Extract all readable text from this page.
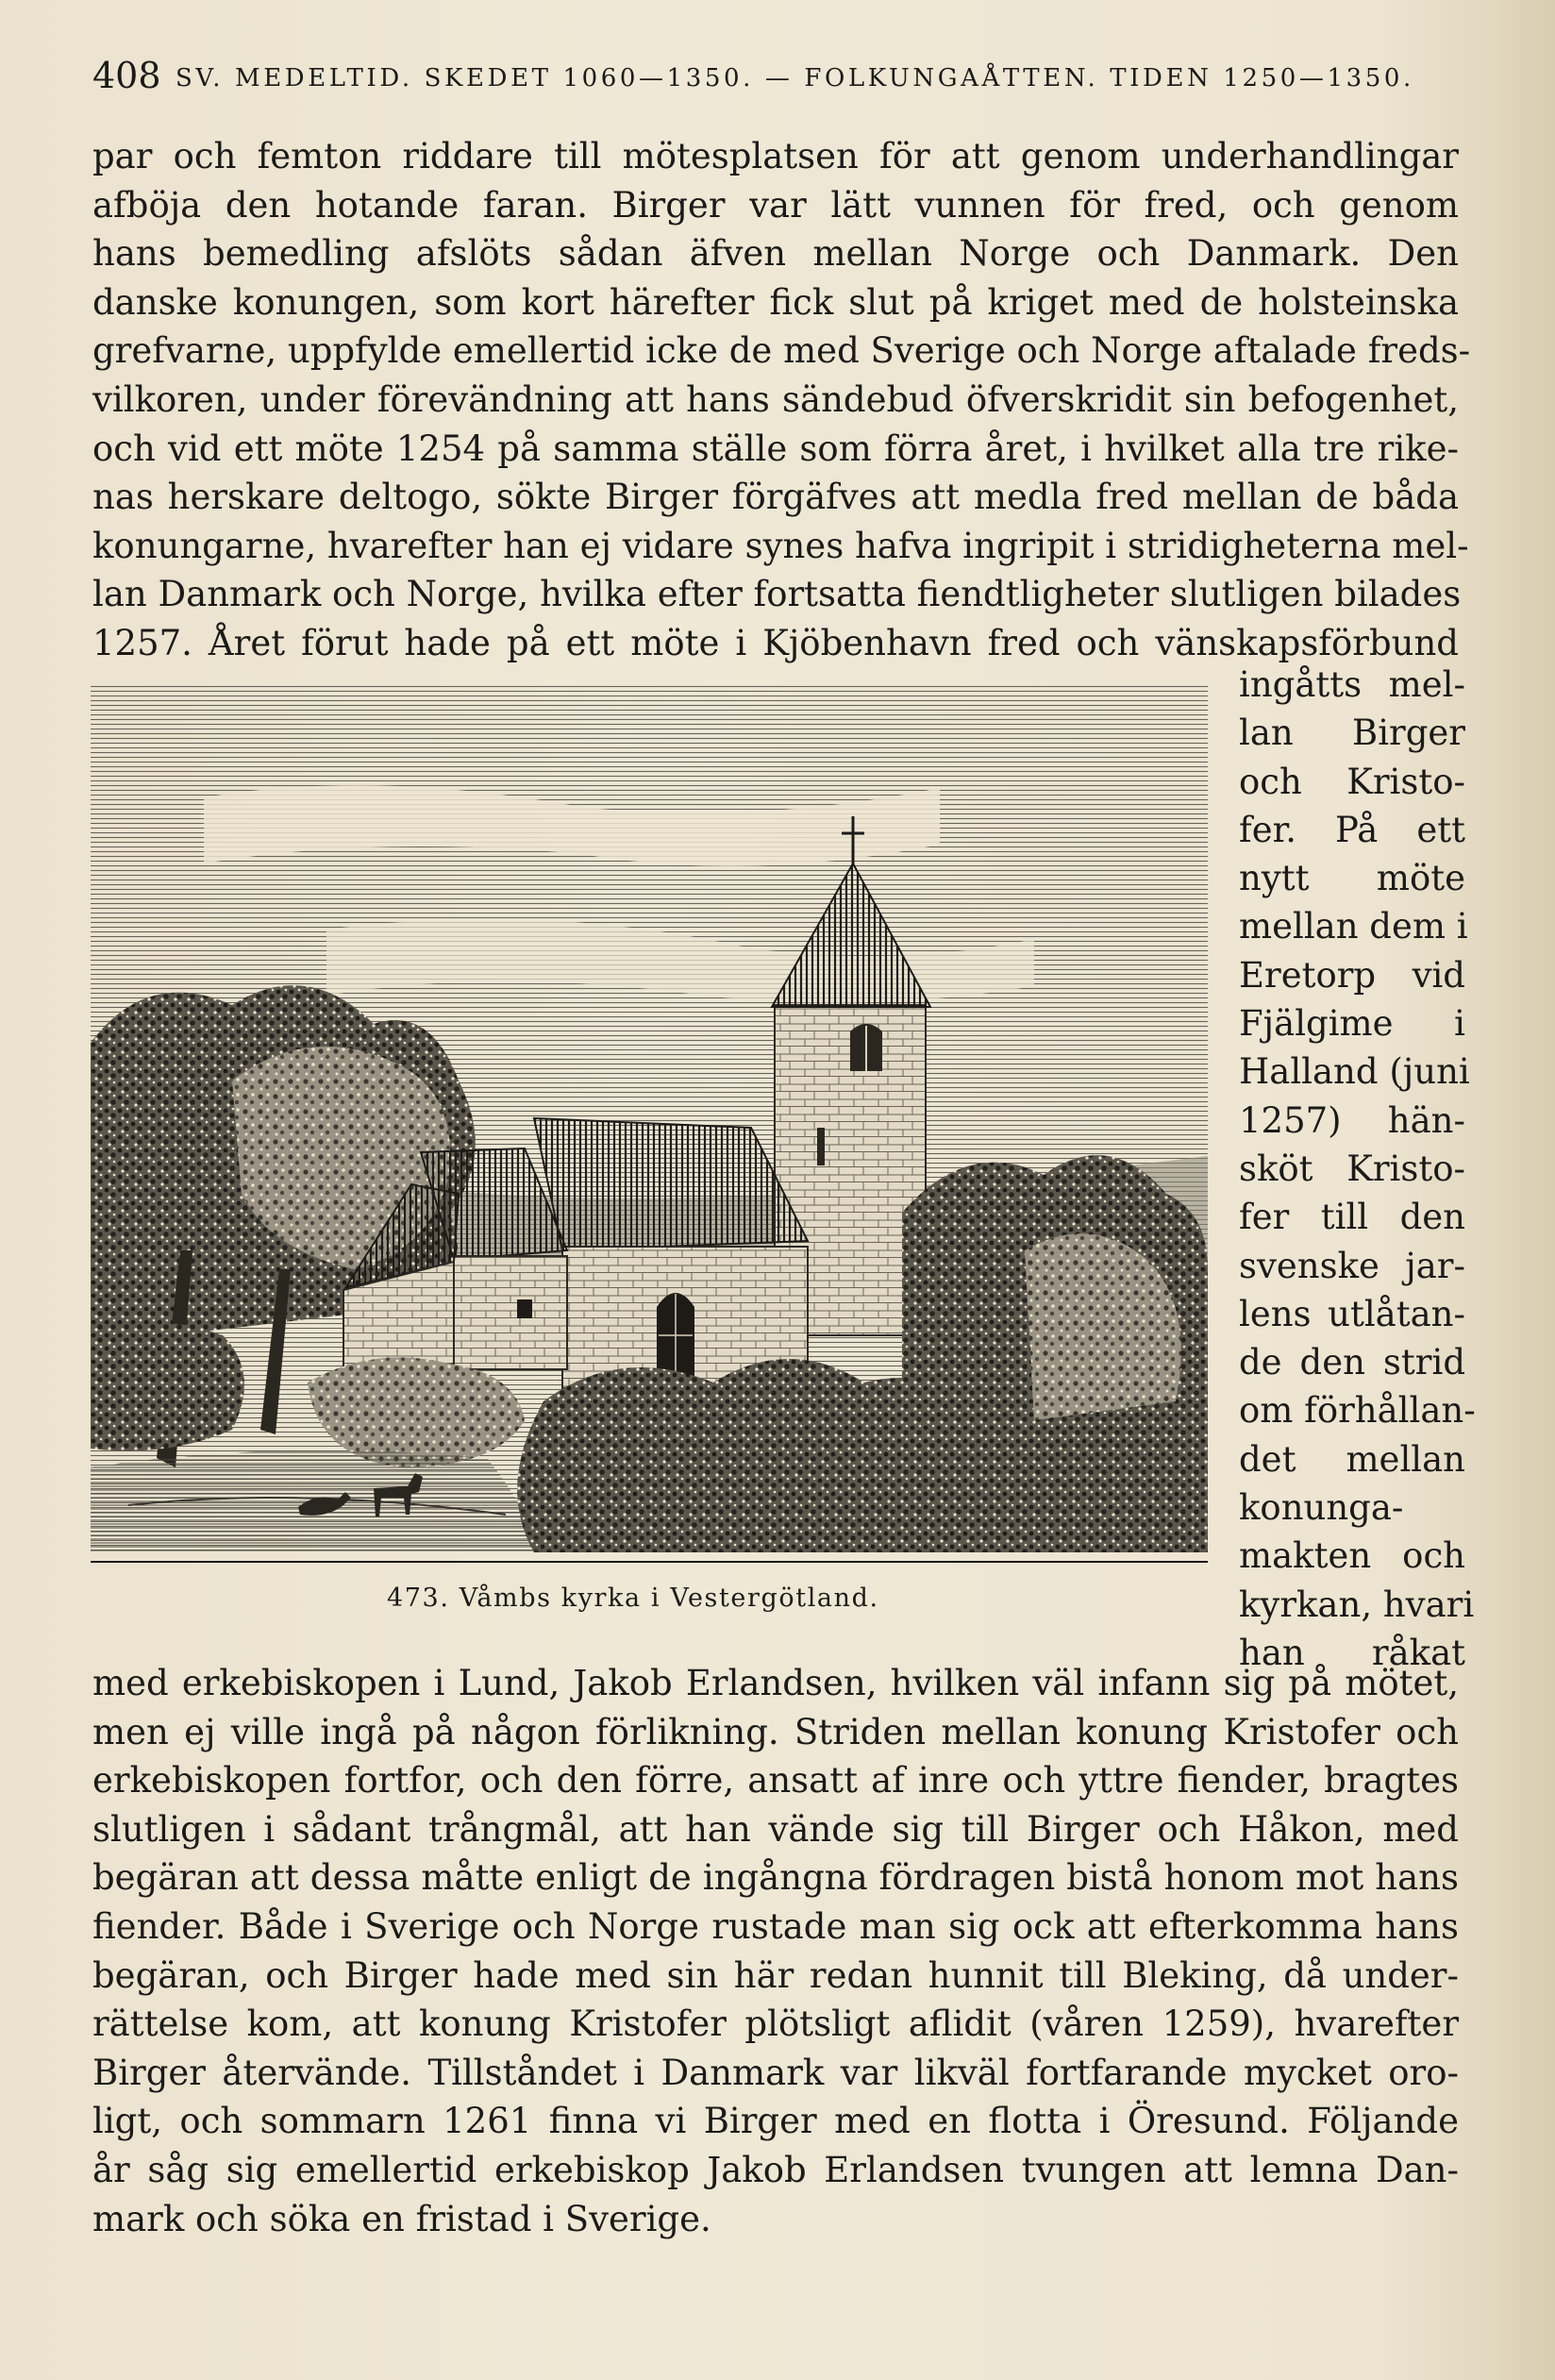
408 SV. MEDELTID. SKEDET 1060—1350. — FOLKUNGAÅTTEN. TIDEN 1250—1350.

par och femton riddare till mötesplatsen för att genom underhandlingar
afböja den hotande faran. Birger var lätt vunnen för fred, och genom
hans bemedling afslöts sådan äfven mellan Norge och Danmark. Den
danske konungen, som kort härefter fick slut på kriget med de holsteinska
grefvarne, uppfylde emellertid icke de med Sverige och Norge aftalade freds-
vilkoren, under förevändning att hans sändebud öfverskridit sin befogenhet,
och vid ett möte 1254 på samma ställe som förra året, i hvilket alla tre rike-
nas herskare deltogo, sökte Birger förgäfves att medla fred mellan de båda
konungarne, hvarefter han ej vidare synes hafva ingripit i stridigheterna mel-
lan Danmark och Norge, hvilka efter fortsatta fiendtligheter slutligen bilades
1257. Året förut hade på ett möte i Kjöbenhavn fred och vänskapsförbund

ingåtts mel-
lan Birger
och Kristo-
fer. På ett
nytt möte
mellan dem i
Eretorp vid
Fjälgime i
Halland (juni
1257) hän-
sköt Kristo-
fer till den
svenske jar-
lens utlåtan-
de den strid
om förhållan-
det mellan
konunga-
makten och
kyrkan, hvari
han råkat
473. Våmbs kyrka i Vestergötland.

med erkebiskopen i Lund, Jakob Erlandsen, hvilken väl infann sig på mötet,
men ej ville ingå på någon förlikning. Striden mellan konung Kristofer och
erkebiskopen fortfor, och den förre, ansatt af inre och yttre fiender, bragtes
slutligen i sådant trångmål, att han vände sig till Birger och Håkon, med
begäran att dessa måtte enligt de ingångna fördragen bistå honom mot hans
fiender. Både i Sverige och Norge rustade man sig ock att efterkomma hans
begäran, och Birger hade med sin här redan hunnit till Bleking, då under-
rättelse kom, att konung Kristofer plötsligt aflidit (våren 1259), hvarefter
Birger återvände. Tillståndet i Danmark var likväl fortfarande mycket oro-
ligt, och sommarn 1261 finna vi Birger med en flotta i Öresund. Följande
år såg sig emellertid erkebiskop Jakob Erlandsen tvungen att lemna Dan-
mark och söka en fristad i Sverige.
